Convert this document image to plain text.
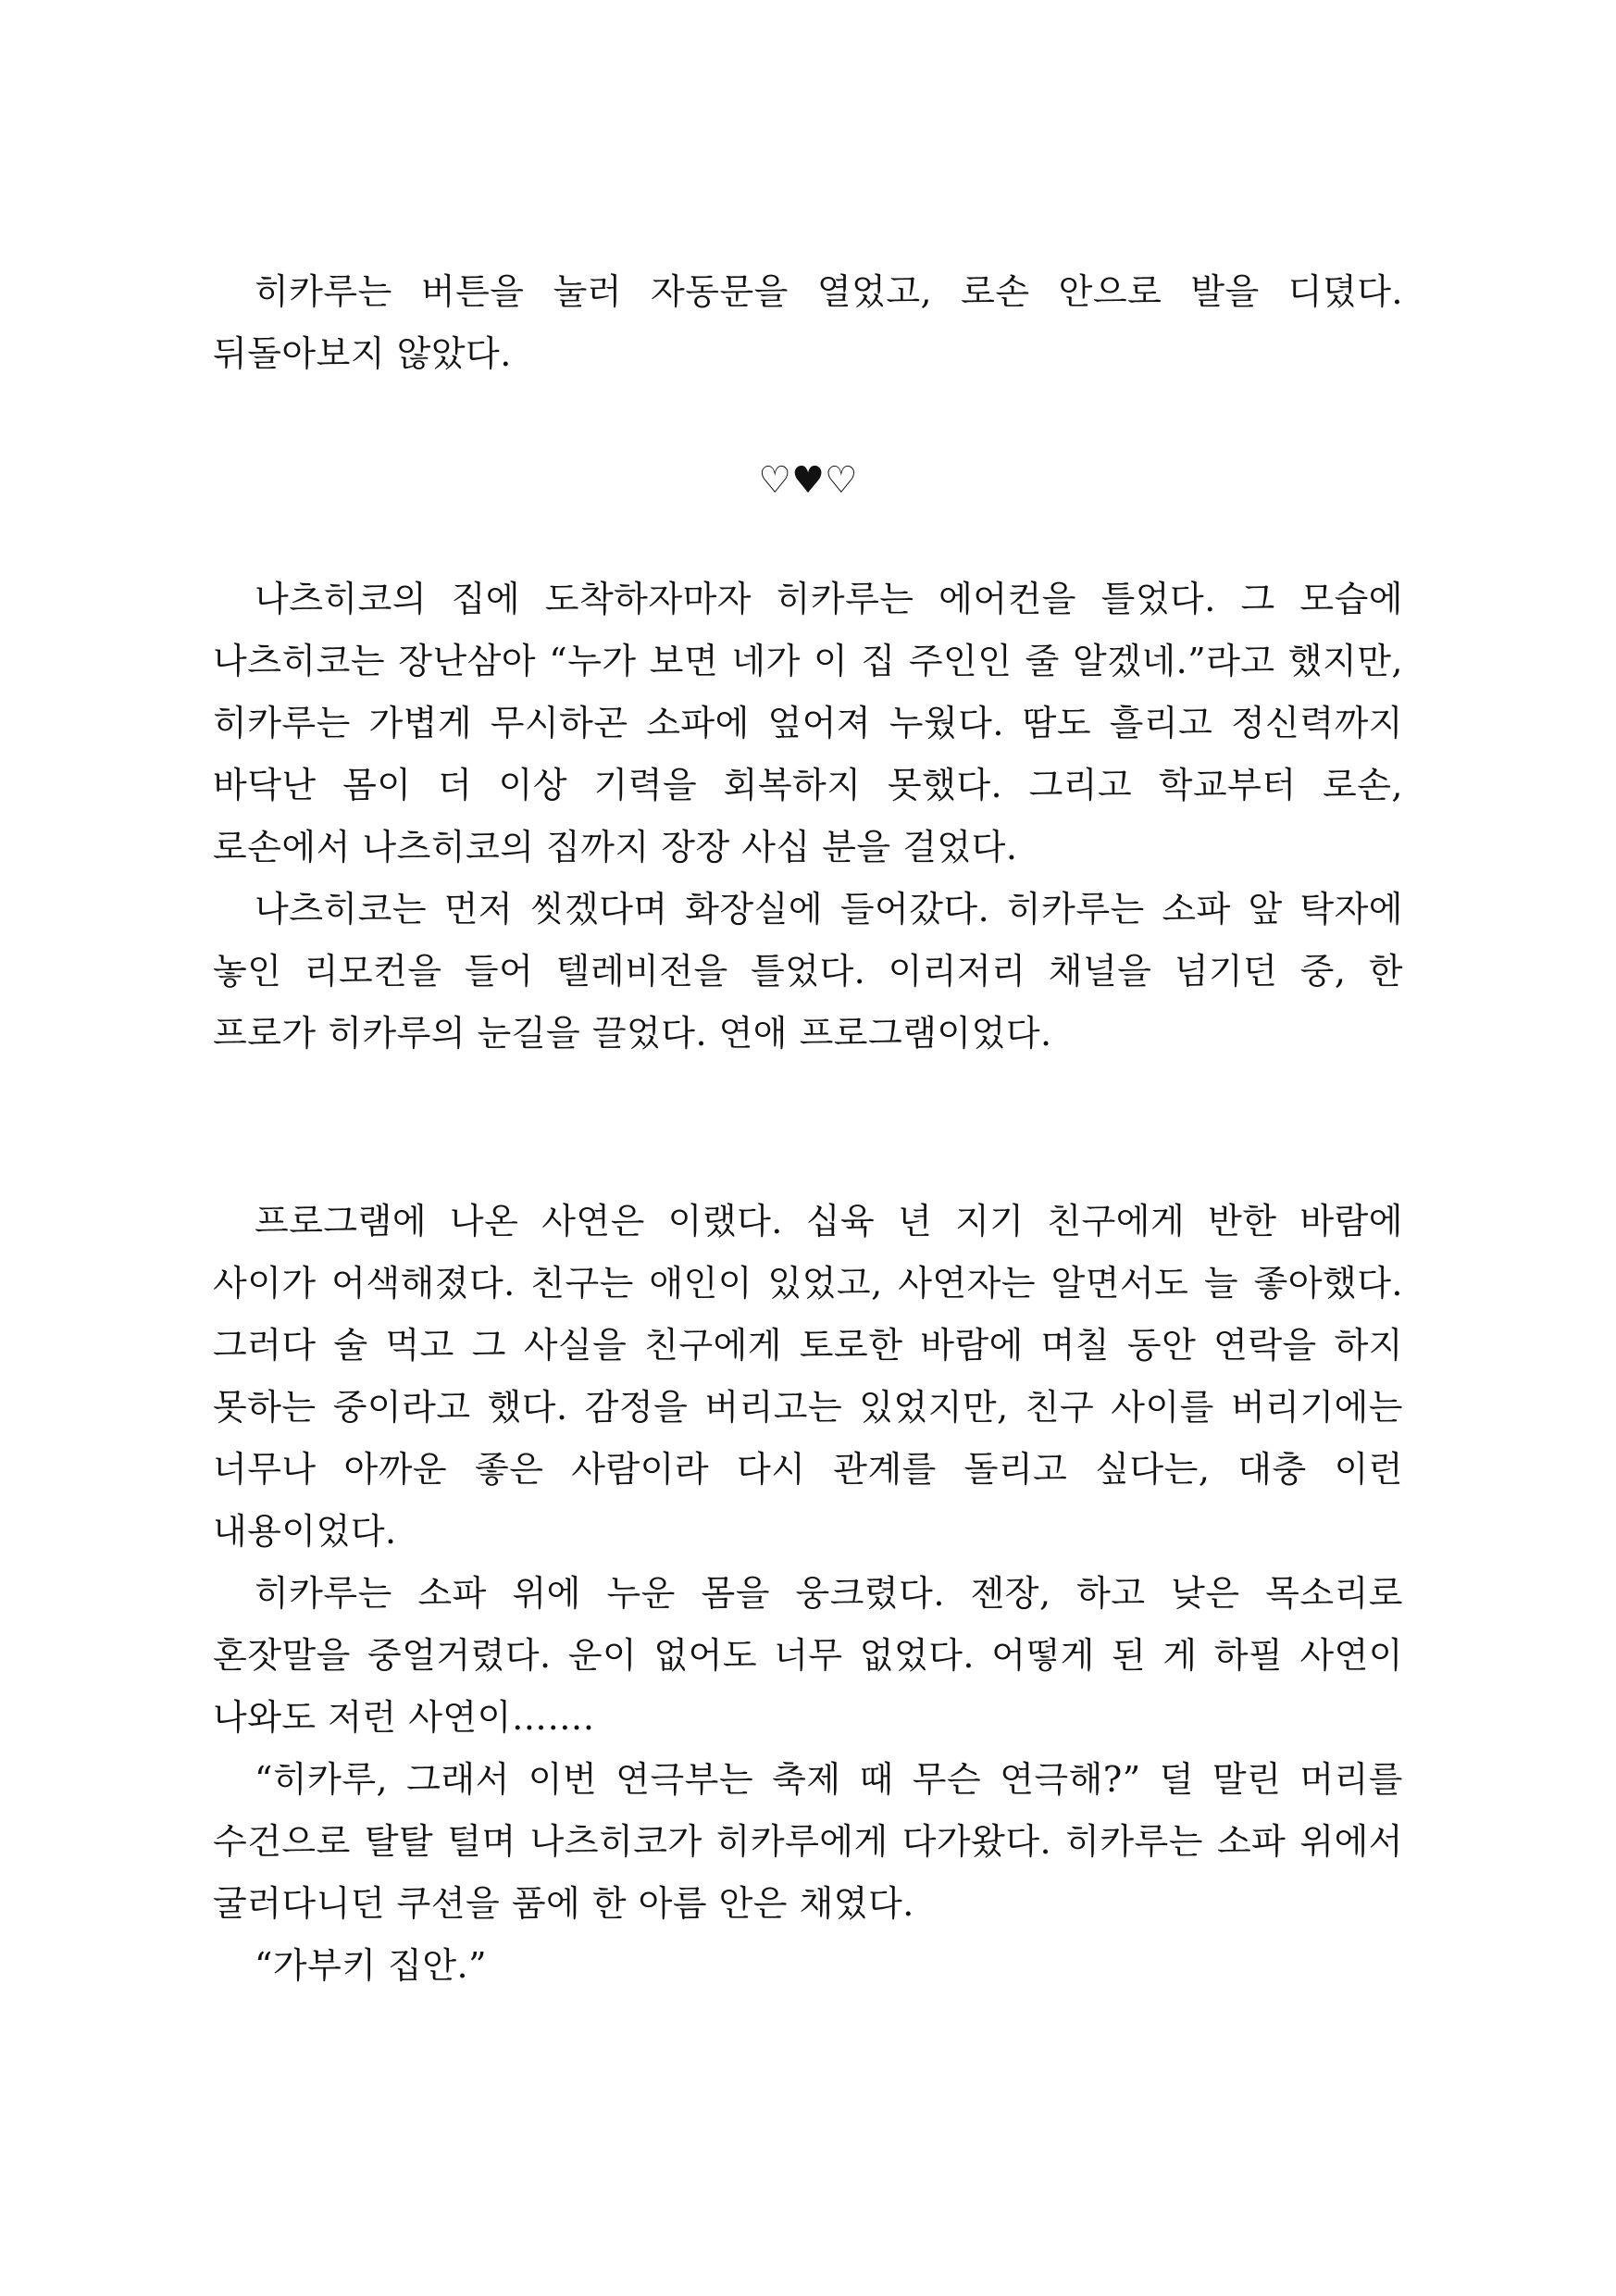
히카루는 버튼을 눌러 자동문을 열었고, 로손 안으로 발을 디뎠다. 뒤돌아보지 않았다.

♡♥♡

나츠히코의 집에 도착하자마자 히카루는 에어컨을 틀었다. 그 모습에 나츠히코는 장난삼아 “누가 보면 네가 이 집 주인인 줄 알겠네.”라고 했지만, 히카루는 가볍게 무시하곤 소파에 엎어져 누웠다. 땀도 흘리고 정신력까지 바닥난 몸이 더 이상 기력을 회복하지 못했다. 그리고 학교부터 로손, 로손에서 나츠히코의 집까지 장장 사십 분을 걸었다.

나츠히코는 먼저 씻겠다며 화장실에 들어갔다. 히카루는 소파 앞 탁자에 놓인 리모컨을 들어 텔레비전을 틀었다. 이리저리 채널을 넘기던 중, 한 프로가 히카루의 눈길을 끌었다. 연애 프로그램이었다.

프로그램에 나온 사연은 이랬다. 십육 년 지기 친구에게 반한 바람에 사이가 어색해졌다. 친구는 애인이 있었고, 사연자는 알면서도 늘 좋아했다. 그러다 술 먹고 그 사실을 친구에게 토로한 바람에 며칠 동안 연락을 하지 못하는 중이라고 했다. 감정을 버리고는 있었지만, 친구 사이를 버리기에는 너무나 아까운 좋은 사람이라 다시 관계를 돌리고 싶다는, 대충 이런 내용이었다.

히카루는 소파 위에 누운 몸을 웅크렸다. 젠장, 하고 낮은 목소리로 혼잣말을 중얼거렸다. 운이 없어도 너무 없었다. 어떻게 된 게 하필 사연이 나와도 저런 사연이…….

“히카루, 그래서 이번 연극부는 축제 때 무슨 연극해?” 덜 말린 머리를 수건으로 탈탈 털며 나츠히코가 히카루에게 다가왔다. 히카루는 소파 위에서 굴러다니던 쿠션을 품에 한 아름 안은 채였다.

“가부키 집안.”
